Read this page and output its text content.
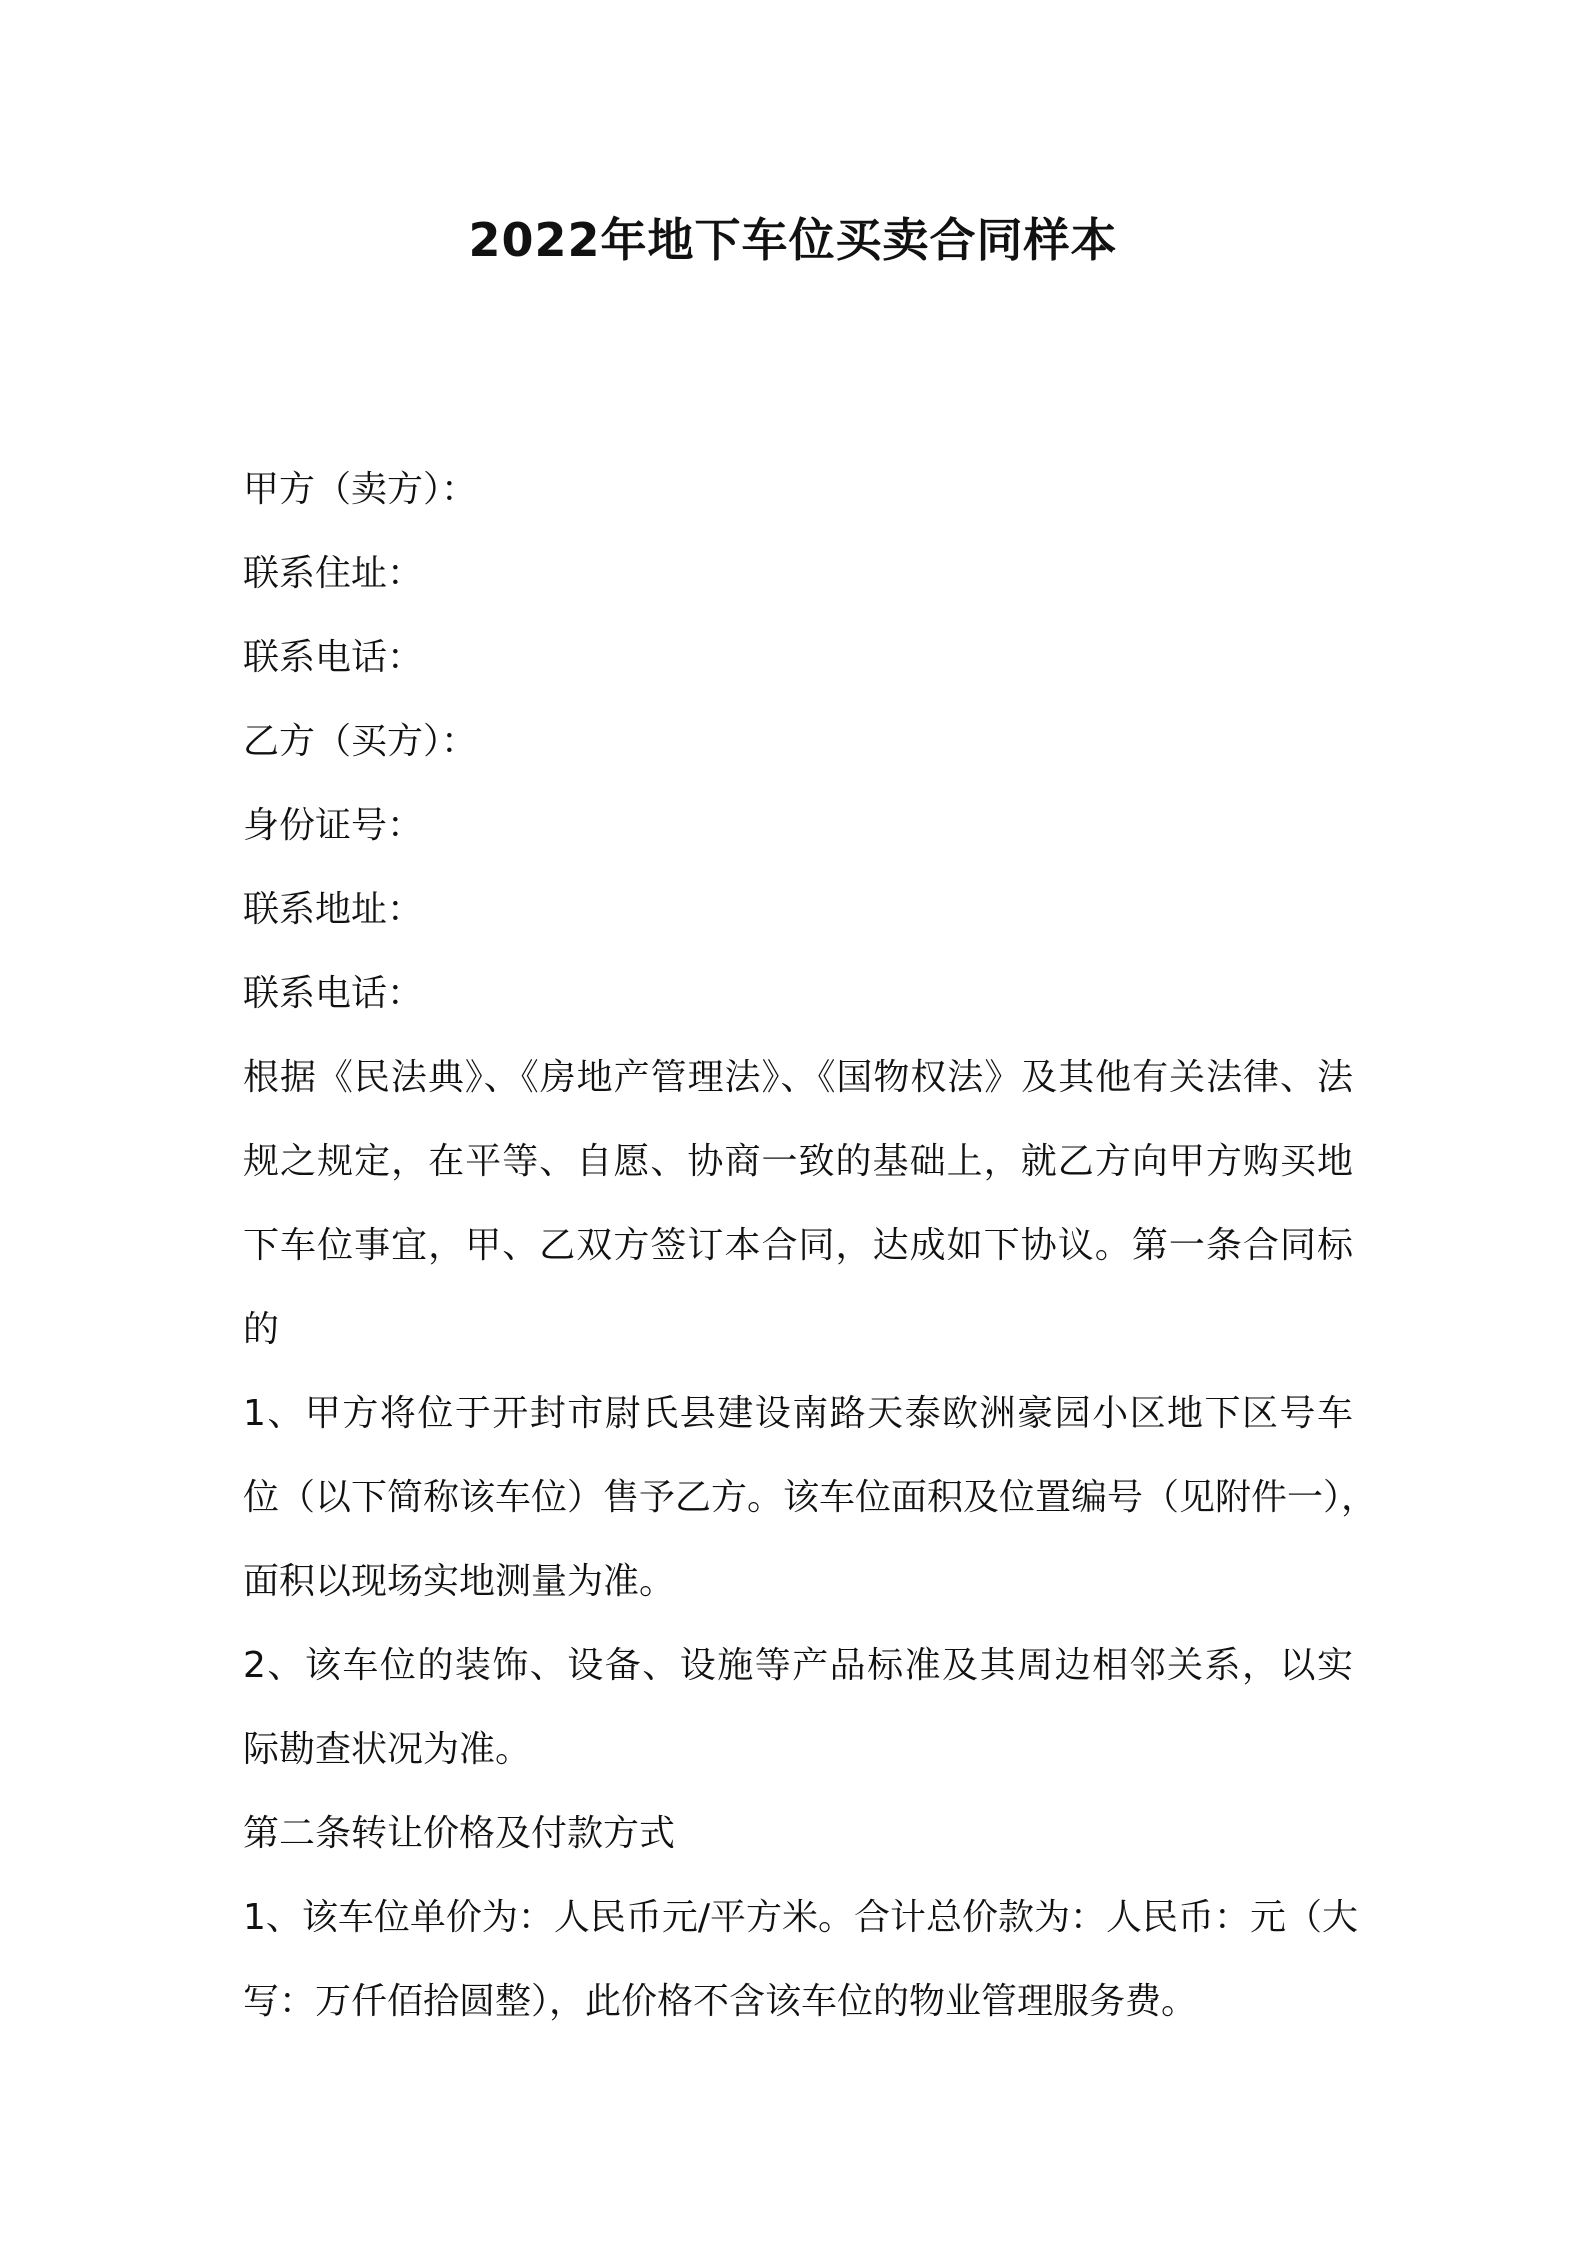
2022年地下车位买卖合同样本
甲方（卖方）：
联系住址：
联系电话：
乙方（买方）：
身份证号：
联系地址：
联系电话：
根据《民法典》、《房地产管理法》、《国物权法》及其他有关法律、法
规之规定，在平等、自愿、协商一致的基础上，就乙方向甲方购买地
下车位事宜，甲、乙双方签订本合同，达成如下协议。第一条合同标
的
1、甲方将位于开封市尉氏县建设南路天泰欧洲豪园小区地下区号车
位（以下简称该车位）售予乙方。该车位面积及位置编号（见附件一），
面积以现场实地测量为准。
2、该车位的装饰、设备、设施等产品标准及其周边相邻关系，以实
际勘查状况为准。
第二条转让价格及付款方式
1、该车位单价为：人民币元/平方米。合计总价款为：人民币：元（大
写：万仟佰拾圆整），此价格不含该车位的物业管理服务费。
